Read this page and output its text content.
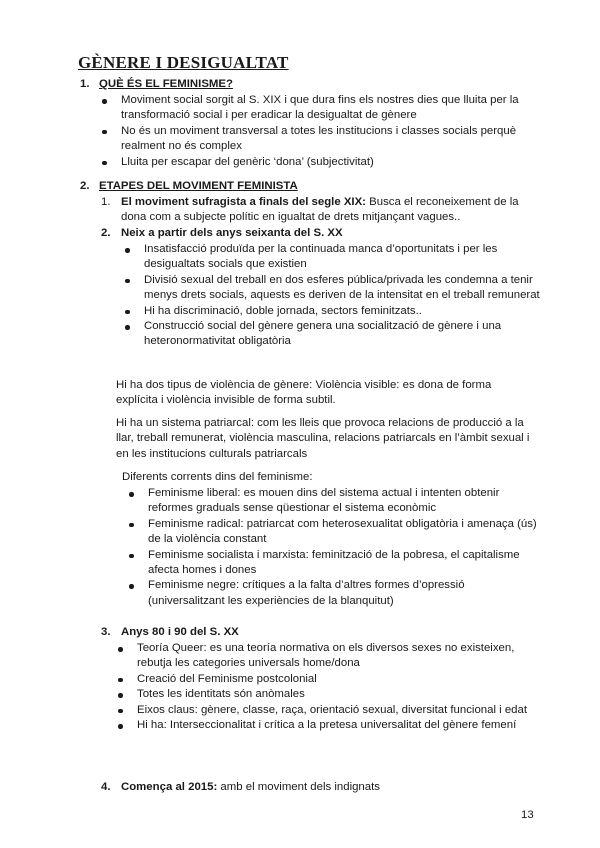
GÈNERE I DESIGUALTAT
1. QUÈ ÉS EL FEMINISME?
Moviment social sorgit al S. XIX i que dura fins els nostres dies que lluita per la transformació social i per eradicar la desigualtat de gènere
No és un moviment transversal a totes les institucions i classes socials perquè realment no és complex
Lluita per escapar del genèric ‘dona’ (subjectivitat)
2. ETAPES DEL MOVIMENT FEMINISTA

1. El moviment sufragista a finals del segle XIX: Busca el reconeixement de la dona com a subjecte polític en igualtat de drets mitjançant vagues..

2. Neix a partir dels anys seixanta del S. XX

Insatisfacció produïda per la continuada manca d’oportunitats i per les desigualtats socials que existien
Divisió sexual del treball en dos esferes pública/privada les condemna a tenir menys drets socials, aquests es deriven de la intensitat en el treball remunerat
Hi ha discriminació, doble jornada, sectors feminitzats..
Construcció social del gènere genera una socialització de gènere i una heteronormativitat obligatòria

Hi ha dos tipus de violència de gènere: Violència visible: es dona de forma explícita i violència invisible de forma subtil.

Hi ha un sistema patriarcal: com les lleis que provoca relacions de producció a la llar, treball remunerat, violència masculina, relacions patriarcals en l’àmbit sexual i en les institucions culturals patriarcals

Diferents corrents dins del feminisme:

Feminisme liberal: es mouen dins del sistema actual i intenten obtenir reformes graduals sense qüestionar el sistema econòmic
Feminisme radical: patriarcat com heterosexualitat obligatòria i amenaça (ús) de la violència constant
Feminisme socialista i marxista: feminització de la pobresa, el capitalisme afecta homes i dones
Feminisme negre: crítiques a la falta d’altres formes d’opressió (universalitzant les experiències de la blanquitut)

3. Anys 80 i 90 del S. XX

Teoría Queer: es una teoría normativa on els diversos sexes no existeixen, rebutja les categories universals home/dona
Creació del Feminisme postcolonial
Totes les identitats són anòmales
Eixos claus: gènere, classe, raça, orientació sexual, diversitat funcional i edat
Hi ha: Interseccionalitat i crítica a la pretesa universalitat del gènere femení

4. Comença al 2015: amb el moviment dels indignats

13
